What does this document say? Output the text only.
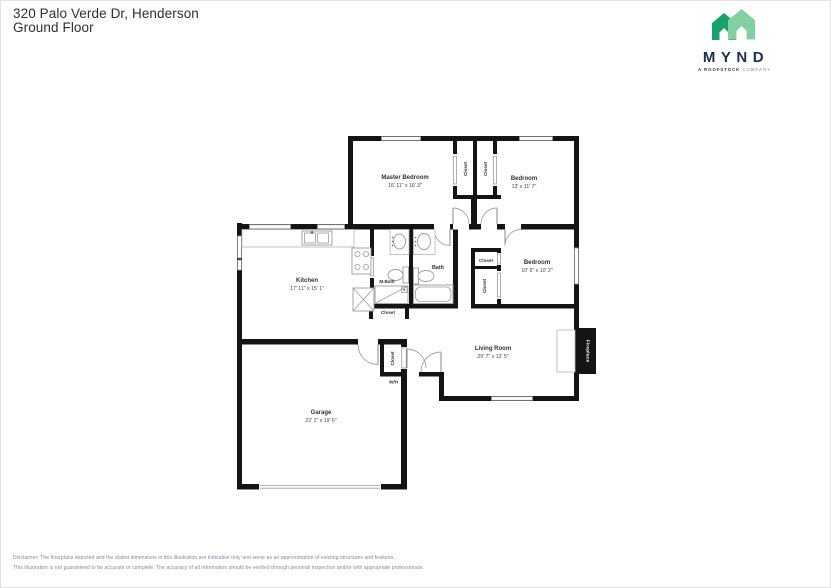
320 Palo Verde Dr, Henderson
Ground Floor
MYND
A ROOFSTOCK COMPANY
Master Bedroom
16' 11" x 16' 3"
Bedroom
13' x 11' 7"
Bedroom
10' 6" x 10' 2"
Kitchen
17' 11" x 15' 1"
Living Room
29' 7" x 12' 5"
Garage
22' 1" x 19' 6"
M.Bath
Bath
Closet	Closet
Closet
Closet
Closet
Closet
W/H
Fireplace
Disclaimer: The floorplans depicted and the stated dimensions in this illustration are indicative only and serve as an approximation of existing structures and features.
This illustration is not guaranteed to be accurate or complete. The accuracy of all information should be verified through personal inspection and/or with appropriate professionals.
